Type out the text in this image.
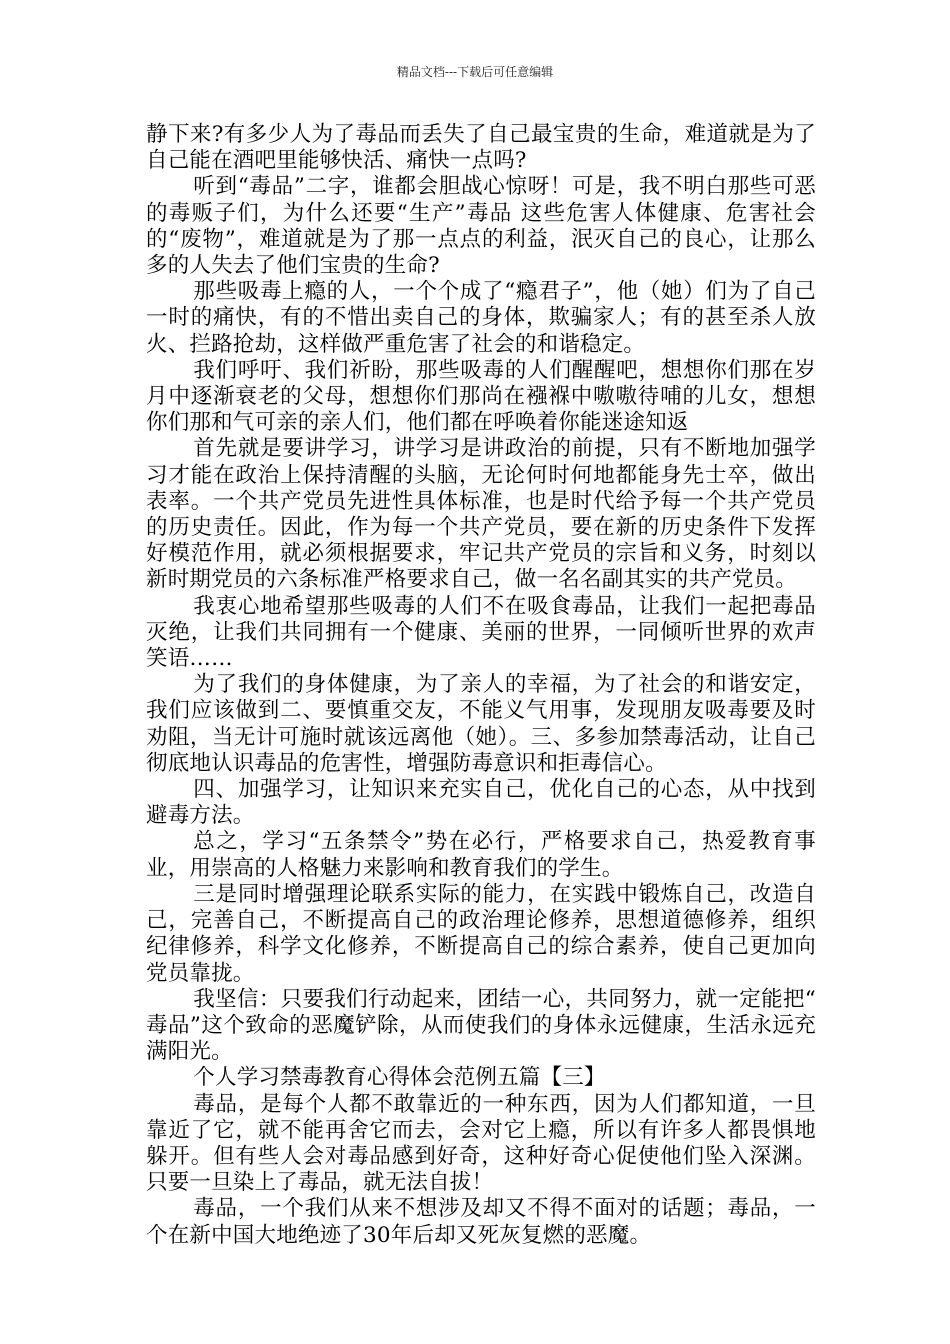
精品文档---下载后可任意编辑

静下来?有多少人为了毒品而丢失了自己最宝贵的生命，难道就是为了自己能在酒吧里能够快活、痛快一点吗?

听到“毒品”二字，谁都会胆战心惊呀！可是，我不明白那些可恶的毒贩子们，为什么还要“生产”毒品 这些危害人体健康、危害社会的“废物”，难道就是为了那一点点的利益，泯灭自己的良心，让那么多的人失去了他们宝贵的生命?

那些吸毒上瘾的人，一个个成了“瘾君子”，他（她）们为了自己一时的痛快，有的不惜出卖自己的身体，欺骗家人；有的甚至杀人放火、拦路抢劫，这样做严重危害了社会的和谐稳定。

我们呼吁、我们祈盼，那些吸毒的人们醒醒吧，想想你们那在岁月中逐渐衰老的父母，想想你们那尚在襁褓中嗷嗷待哺的儿女，想想你们那和气可亲的亲人们，他们都在呼唤着你能迷途知返

首先就是要讲学习，讲学习是讲政治的前提，只有不断地加强学习才能在政治上保持清醒的头脑，无论何时何地都能身先士卒，做出表率。一个共产党员先进性具体标准，也是时代给予每一个共产党员的历史责任。因此，作为每一个共产党员，要在新的历史条件下发挥好模范作用，就必须根据要求，牢记共产党员的宗旨和义务，时刻以新时期党员的六条标准严格要求自己，做一名名副其实的共产党员。

我衷心地希望那些吸毒的人们不在吸食毒品，让我们一起把毒品灭绝，让我们共同拥有一个健康、美丽的世界，一同倾听世界的欢声笑语……

为了我们的身体健康，为了亲人的幸福，为了社会的和谐安定，我们应该做到二、要慎重交友，不能义气用事，发现朋友吸毒要及时劝阻，当无计可施时就该远离他（她）。三、多参加禁毒活动，让自己彻底地认识毒品的危害性，增强防毒意识和拒毒信心。

四、加强学习，让知识来充实自己，优化自己的心态，从中找到避毒方法。

总之，学习“五条禁令”势在必行，严格要求自己，热爱教育事业，用崇高的人格魅力来影响和教育我们的学生。

三是同时增强理论联系实际的能力，在实践中锻炼自己，改造自己，完善自己，不断提高自己的政治理论修养，思想道德修养，组织纪律修养，科学文化修养，不断提高自己的综合素养，使自己更加向党员靠拢。

我坚信：只要我们行动起来，团结一心，共同努力，就一定能把“ 毒品”这个致命的恶魔铲除，从而使我们的身体永远健康，生活永远充满阳光。

个人学习禁毒教育心得体会范例五篇【三】

毒品，是每个人都不敢靠近的一种东西，因为人们都知道，一旦靠近了它，就不能再舍它而去，会对它上瘾，所以有许多人都畏惧地躲开。但有些人会对毒品感到好奇，这种好奇心促使他们坠入深渊。只要一旦染上了毒品，就无法自拔！

毒品，一个我们从来不想涉及却又不得不面对的话题；毒品，一个在新中国大地绝迹了30年后却又死灰复燃的恶魔。
